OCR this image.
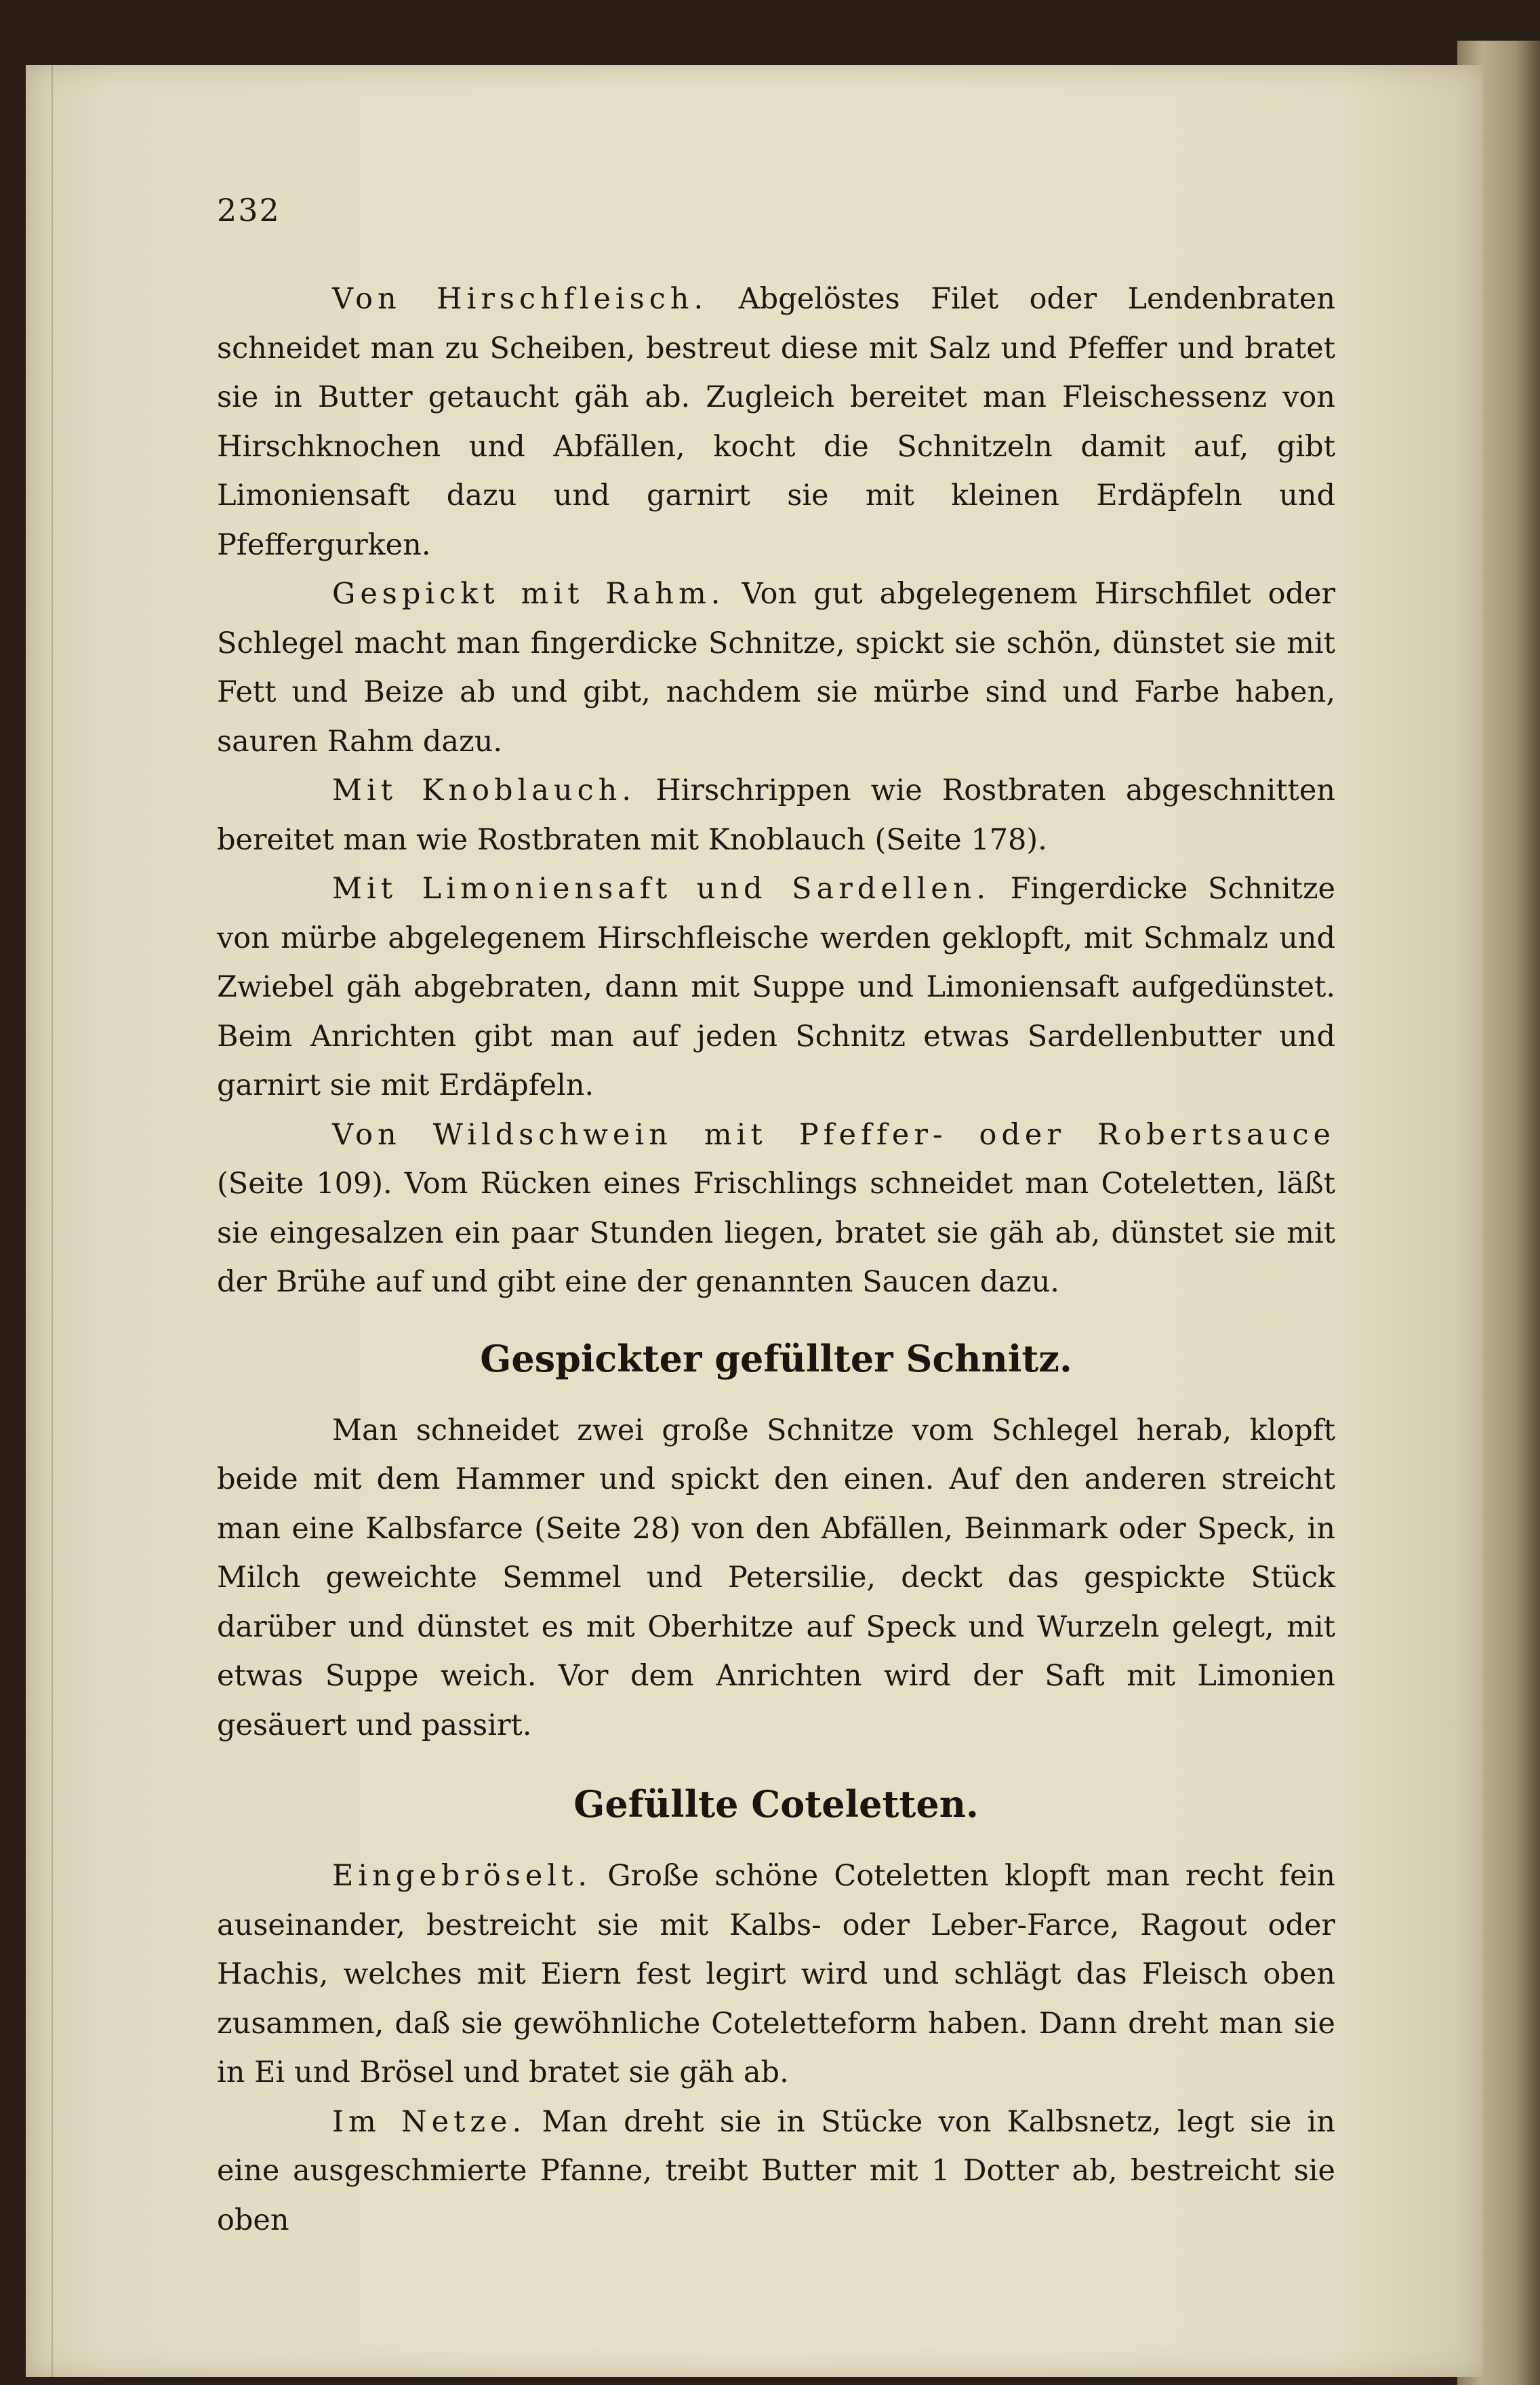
232

Von Hirschfleisch. Abgelöstes Filet oder Lendenbraten schneidet man zu Scheiben, bestreut diese mit Salz und Pfeffer und bratet sie in Butter getaucht gäh ab. Zugleich bereitet man Fleischessenz von Hirschknochen und Abfällen, kocht die Schnitzeln damit auf, gibt Limoniensaft dazu und garnirt sie mit kleinen Erdäpfeln und Pfeffergurken.

Gespickt mit Rahm. Von gut abgelegenem Hirschfilet oder Schlegel macht man fingerdicke Schnitze, spickt sie schön, dünstet sie mit Fett und Beize ab und gibt, nachdem sie mürbe sind und Farbe haben, sauren Rahm dazu.

Mit Knoblauch. Hirschrippen wie Rostbraten abgeschnitten bereitet man wie Rostbraten mit Knoblauch (Seite 178).

Mit Limoniensaft und Sardellen. Fingerdicke Schnitze von mürbe abgelegenem Hirschfleische werden geklopft, mit Schmalz und Zwiebel gäh abgebraten, dann mit Suppe und Limoniensaft aufgedünstet. Beim Anrichten gibt man auf jeden Schnitz etwas Sardellenbutter und garnirt sie mit Erdäpfeln.

Von Wildschwein mit Pfeffer- oder Robertsauce (Seite 109). Vom Rücken eines Frischlings schneidet man Coteletten, läßt sie eingesalzen ein paar Stunden liegen, bratet sie gäh ab, dünstet sie mit der Brühe auf und gibt eine der genannten Saucen dazu.

Gespickter gefüllter Schnitz.

Man schneidet zwei große Schnitze vom Schlegel herab, klopft beide mit dem Hammer und spickt den einen. Auf den anderen streicht man eine Kalbsfarce (Seite 28) von den Abfällen, Beinmark oder Speck, in Milch geweichte Semmel und Petersilie, deckt das gespickte Stück darüber und dünstet es mit Oberhitze auf Speck und Wurzeln gelegt, mit etwas Suppe weich. Vor dem Anrichten wird der Saft mit Limonien gesäuert und passirt.

Gefüllte Coteletten.

Eingebröselt. Große schöne Coteletten klopft man recht fein auseinander, bestreicht sie mit Kalbs- oder Leber-Farce, Ragout oder Hachis, welches mit Eiern fest legirt wird und schlägt das Fleisch oben zusammen, daß sie gewöhnliche Coteletteform haben. Dann dreht man sie in Ei und Brösel und bratet sie gäh ab.

Im Netze. Man dreht sie in Stücke von Kalbsnetz, legt sie in eine ausgeschmierte Pfanne, treibt Butter mit 1 Dotter ab, bestreicht sie oben
